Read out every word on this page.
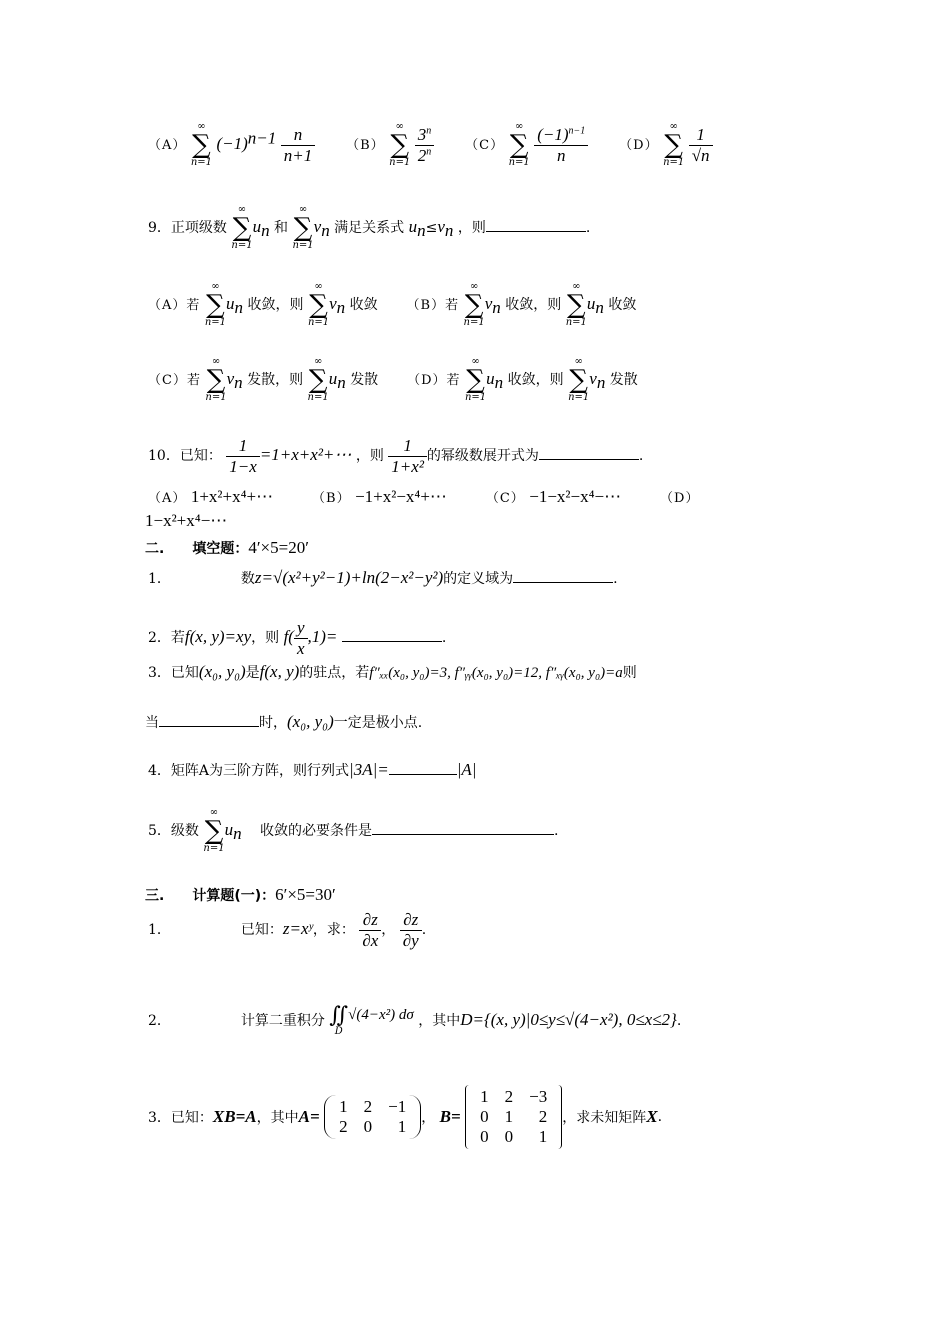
（A）
∞
∑
n=1
$(-1)^{n-1} \frac{n}{n+1} (B)$
∞
∑
n=1
$\frac{3^n}{2^n} (C)$
∞
∑
n=1
$\frac{(-1)^{n-1}}{n} (D)$
∞
∑
n=1
$\frac{1}{√n}$
9．正项级数
∞
∑
n=1
$u_n$ 和
∞
∑
n=1
$v_n$ 满足关系式 $u_n\le v_n$ ，则	.
（A）若
∞
∑
n=1
$u_n$ 收敛，则
∞
∑
n=1
$v_n$ 收敛 （B）若
∞
∑
n=1
$v_n$ 收敛，则
∞
∑
n=1
$u_n$ 收敛
（C）若
∞
∑
n=1
$v_n$ 发散，则
∞
∑
n=1
$u_n$ 发散 （D）若
∞
∑
n=1
$u_n$ 收敛，则
∞
∑
n=1
$v_n$ 发散
10．已知： $\frac{1}{1-x}$ =1+x+x²+⋯ ，则 $\frac{1}{\text{1+x²}}$ 的幂级数展开式为	.
（A） 1+x²+x⁴+⋯	（B） −1+x²−x⁴+⋯	（C） −1−x²−x⁴−⋯	（D）
1−x²+x⁴−⋯
二.　　填空题：4′×5=20′
1．	数z=√(x²+y²−1)+ln(2−x²−y²)的定义域为	.
2．若f(x, y)=xy，则 $f( \frac{y}{x} ,1)=$	.
3．已知(x₀, y₀)是f(x, y)的驻点，若f″ₓₓ(x₀, y₀)=3, f″ᵧᵧ(x₀, y₀)=12, f″ₓᵧ(x₀, y₀)=a则
当	时，(x₀, y₀)一定是极小点.
4．矩阵A为三阶方阵，则行列式|3A|=	|A|
5．级数
∞
∑
n=1
$u_n$ 收敛的必要条件是	.
三.　　计算题(一)：6′×5=30′
1．	已知：z=xʸ，求： $\frac{\partial z}{\partial x}$ ， $\frac{\partial z}{\partial y}$ .
2．	计算二重积分 ∬
D
√(4−x²) dσ ，其中D={(x, y)|0≤y≤√(4−x²), 0≤x≤2}.
3．已知：XB=A，其中A=
1	2	−1
2	0	1 ， B=
1	2	−3
0	1	2
0	0	1
，求未知矩阵X.
